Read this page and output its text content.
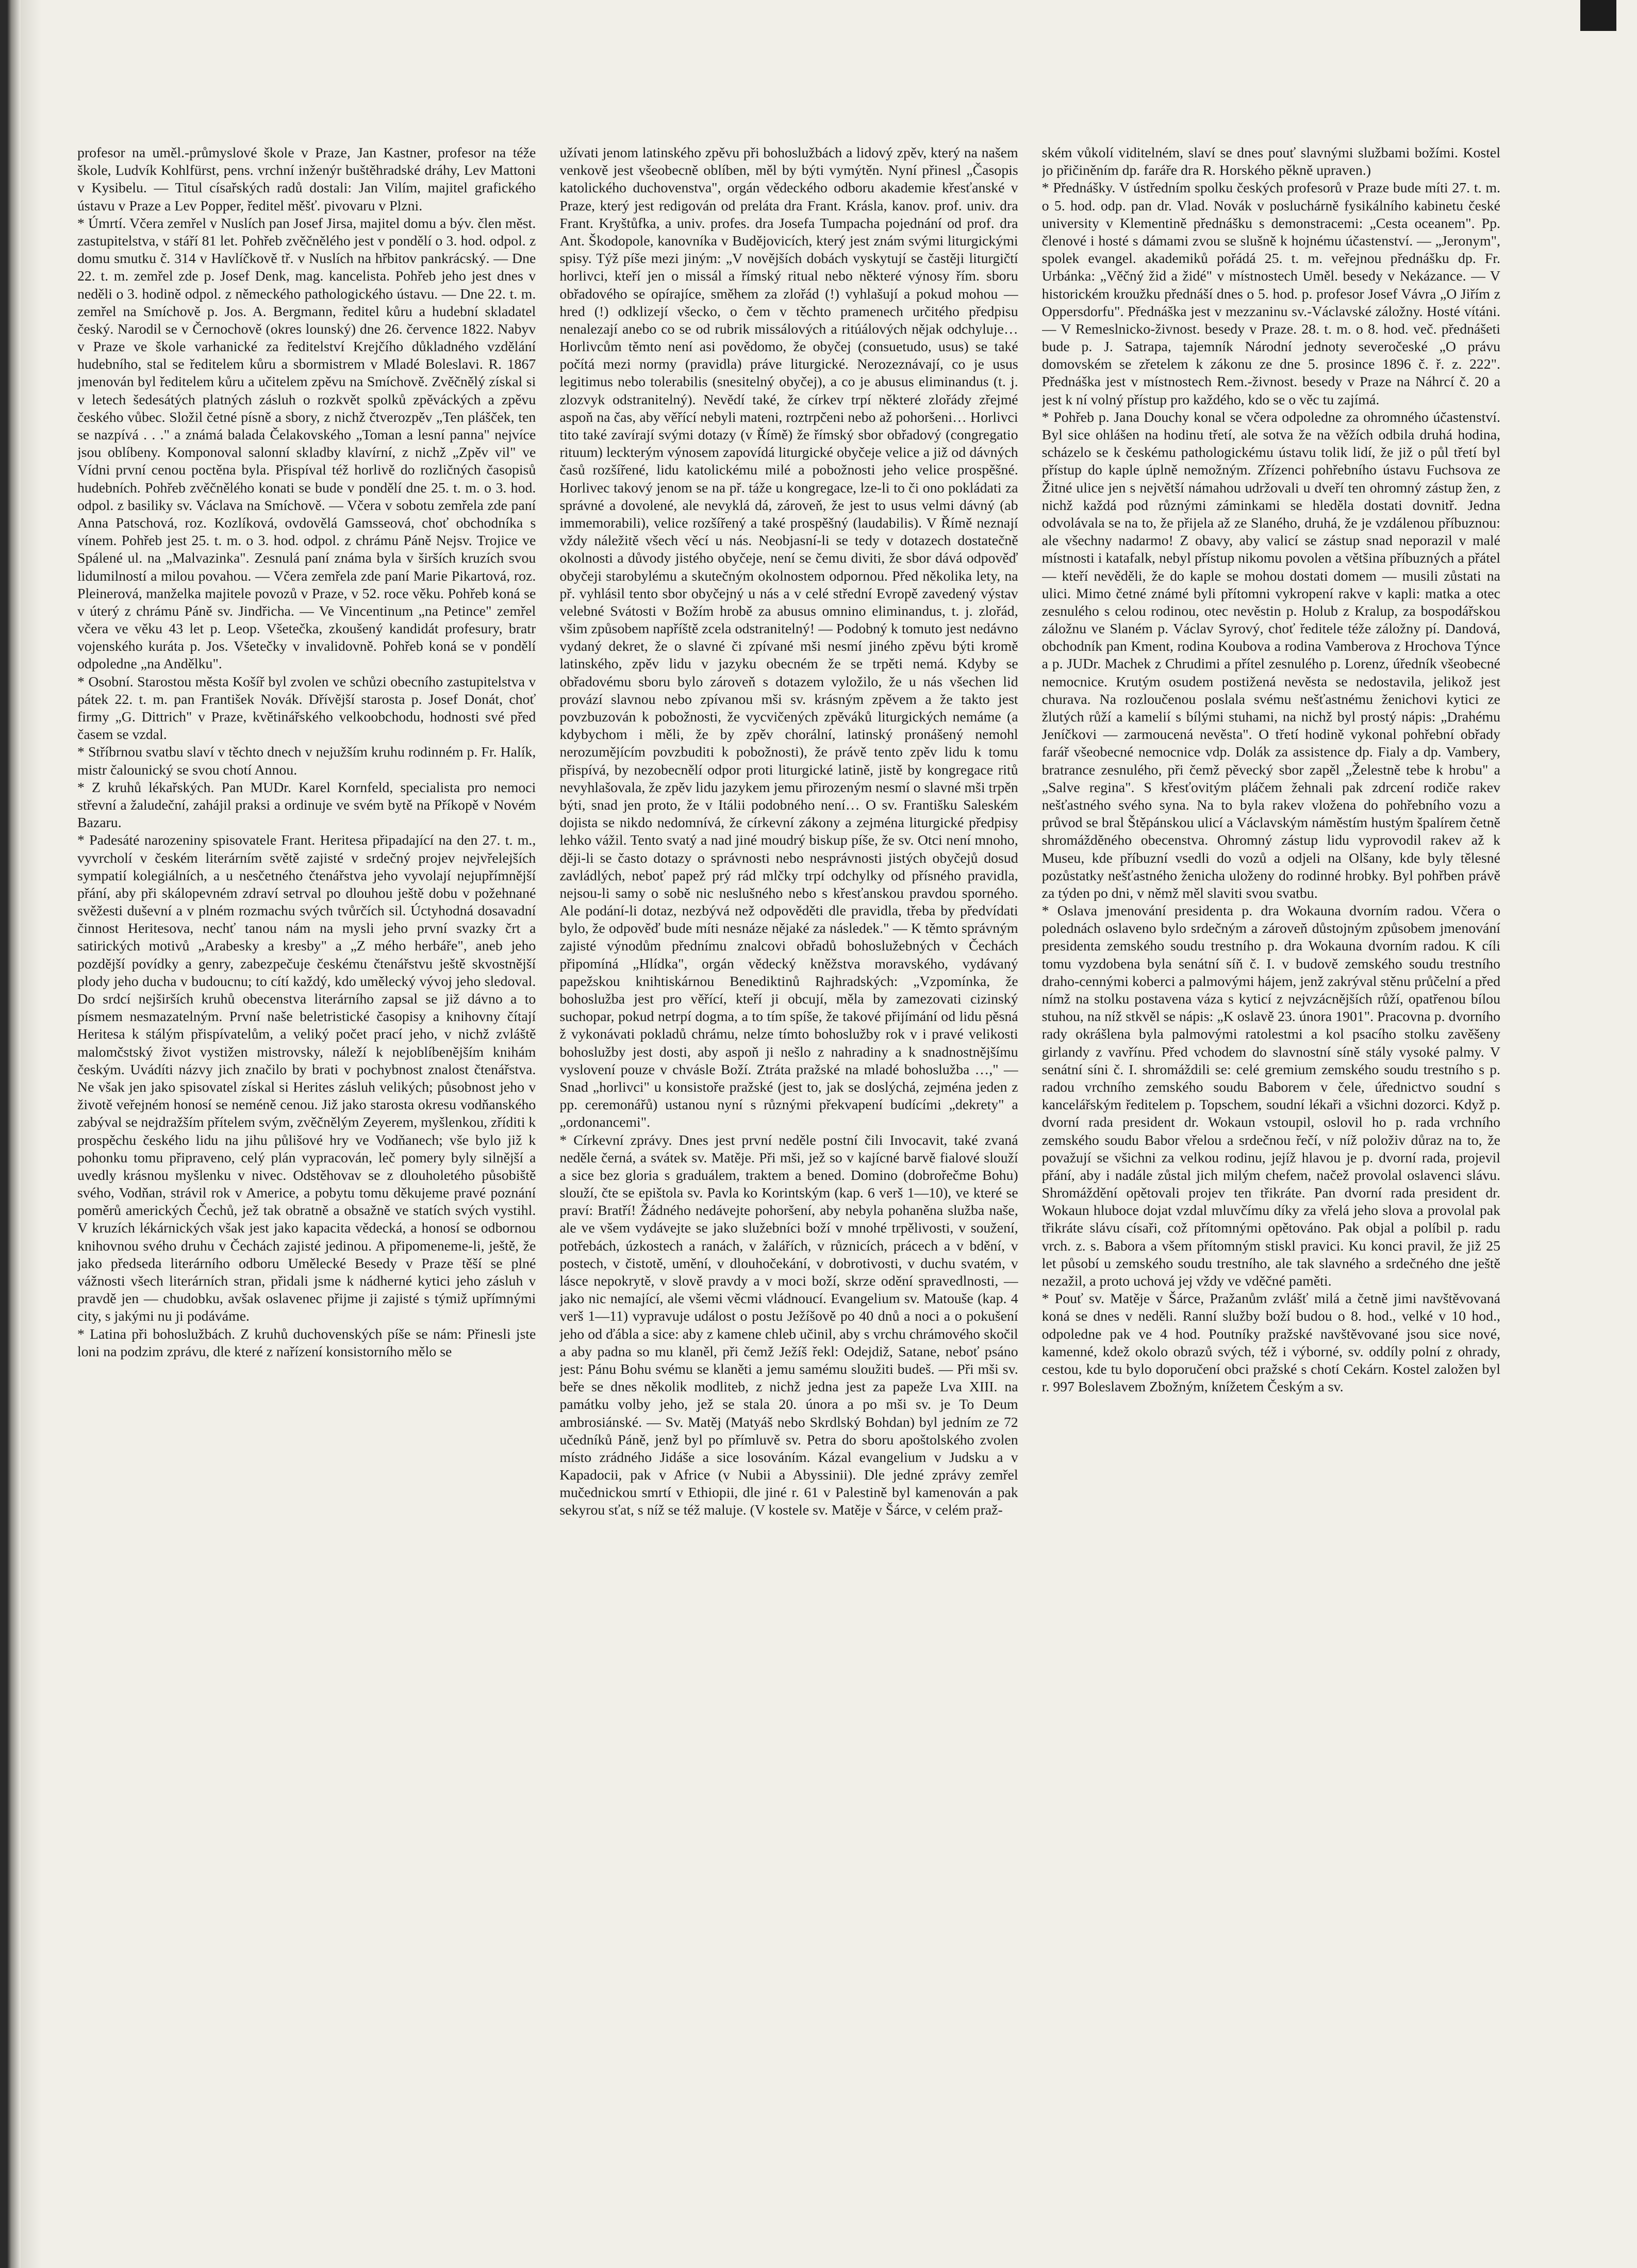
profesor na uměl.-průmyslové škole v Praze, Jan Kastner, profesor na téže škole, Ludvík Kohlfürst, pens. vrchní inženýr buštěhradské dráhy, Lev Mattoni v Kysibelu. — Titul císařských radů dostali: Jan Vilím, majitel grafického ústavu v Praze a Lev Popper, ředitel měšť. pivovaru v Plzni.

* Úmrtí. Včera zemřel v Nuslích pan Josef Jirsa, majitel domu a býv. člen měst. zastupitelstva, v stáří 81 let. Pohřeb zvěčnělého jest v pondělí o 3. hod. odpol. z domu smutku č. 314 v Havlíčkově tř. v Nuslích na hřbitov pankrácský. — Dne 22. t. m. zemřel zde p. Josef Denk, mag. kancelista. Pohřeb jeho jest dnes v neděli o 3. hodině odpol. z německého pathologického ústavu. — Dne 22. t. m. zemřel na Smíchově p. Jos. A. Bergmann, ředitel kůru a hudební skladatel český. Narodil se v Černochově (okres lounský) dne 26. července 1822. Nabyv v Praze ve škole varhanické za ředitelství Krejčího důkladného vzdělání hudebního, stal se ředitelem kůru a sbormistrem v Mladé Boleslavi. R. 1867 jmenován byl ředitelem kůru a učitelem zpěvu na Smíchově. Zvěčnělý získal si v letech šedesátých platných zásluh o rozkvět spolků zpěváckých a zpěvu českého vůbec. Složil četné písně a sbory, z nichž čtverozpěv „Ten plášček, ten se nazpívá . . ." a známá balada Čelakovského „Toman a lesní panna" nejvíce jsou oblíbeny. Komponoval salonní skladby klavírní, z nichž „Zpěv vil" ve Vídni první cenou poctěna byla. Přispíval též horlivě do rozličných časopisů hudebních. Pohřeb zvěčnělého konati se bude v pondělí dne 25. t. m. o 3. hod. odpol. z basiliky sv. Václava na Smíchově. — Včera v sobotu zemřela zde paní Anna Patschová, roz. Kozlíková, ovdovělá Gamsseová, choť obchodníka s vínem. Pohřeb jest 25. t. m. o 3. hod. odpol. z chrámu Páně Nejsv. Trojice ve Spálené ul. na „Malvazinka". Zesnulá paní známa byla v širších kruzích svou lidumilností a milou povahou. — Včera zemřela zde paní Marie Pikartová, roz. Pleinerová, manželka majitele povozů v Praze, v 52. roce věku. Pohřeb koná se v úterý z chrámu Páně sv. Jindřicha. — Ve Vincentinum „na Petince" zemřel včera ve věku 43 let p. Leop. Všetečka, zkoušený kandidát profesury, bratr vojenského kuráta p. Jos. Všetečky v invalidovně. Pohřeb koná se v pondělí odpoledne „na Andělku".

* Osobní. Starostou města Košíř byl zvolen ve schůzi obecního zastupitelstva v pátek 22. t. m. pan František Novák. Dřívější starosta p. Josef Donát, choť firmy „G. Dittrich" v Praze, květinářského velkoobchodu, hodnosti své před časem se vzdal.

* Stříbrnou svatbu slaví v těchto dnech v nejužším kruhu rodinném p. Fr. Halík, mistr čalounický se svou chotí Annou.

* Z kruhů lékařských. Pan MUDr. Karel Kornfeld, specialista pro nemoci střevní a žaludeční, zahájil praksi a ordinuje ve svém bytě na Příkopě v Novém Bazaru.

* Padesáté narozeniny spisovatele Frant. Heritesa připadající na den 27. t. m., vyvrcholí v českém literárním světě zajisté v srdečný projev nejvřelejších sympatií kolegiálních, a u nesčetného čtenářstva jeho vyvolají nejupřímnější přání, aby při skálopevném zdraví setrval po dlouhou ještě dobu v požehnané svěžesti duševní a v plném rozmachu svých tvůrčích sil. Úctyhodná dosavadní činnost Heritesova, nechť tanou nám na mysli jeho první svazky črt a satirických motivů „Arabesky a kresby" a „Z mého herbáře", aneb jeho pozdější povídky a genry, zabezpečuje českému čtenářstvu ještě skvostnější plody jeho ducha v budoucnu; to cítí každý, kdo umělecký vývoj jeho sledoval. Do srdcí nejširších kruhů obecenstva literárního zapsal se již dávno a to písmem nesmazatelným. První naše beletristické časopisy a knihovny čítají Heritesa k stálým přispívatelům, a veliký počet prací jeho, v nichž zvláště malomčstský život vystižen mistrovsky, náleží k nejoblíbenějším knihám českým. Uvádíti názvy jich značilo by brati v pochybnost znalost čtenářstva. Ne však jen jako spisovatel získal si Herites zásluh velikých; působnost jeho v životě veřejném honosí se neméně cenou. Již jako starosta okresu vodňanského zabýval se nejdražším přítelem svým, zvěčnělým Zeyerem, myšlenkou, zříditi k prospěchu českého lidu na jihu půlišové hry ve Vodňanech; vše bylo již k pohonku tomu připraveno, celý plán vypracován, leč pomery byly silnější a uvedly krásnou myšlenku v nivec. Odstěhovav se z dlouholetého působiště svého, Vodňan, strávil rok v Americe, a pobytu tomu děkujeme pravé poznání poměrů amerických Čechů, jež tak obratně a obsažně ve statích svých vystihl. V kruzích lékárnických však jest jako kapacita vědecká, a honosí se odbornou knihovnou svého druhu v Čechách zajisté jedinou. A připomeneme-li, ještě, že jako předseda literárního odboru Umělecké Besedy v Praze těší se plné vážnosti všech literárních stran, přidali jsme k nádherné kytici jeho zásluh v pravdě jen — chudobku, avšak oslavenec přijme ji zajisté s týmiž upřímnými city, s jakými nu ji podáváme.

* Latina při bohoslužbách. Z kruhů duchovenských píše se nám: Přinesli jste loni na podzim zprávu, dle které z nařízení konsistorního mělo se

užívati jenom latinského zpěvu při bohoslužbách a lidový zpěv, který na našem venkově jest všeobecně oblíben, měl by býti vymýtěn. Nyní přinesl „Časopis katolického duchovenstva", orgán vědeckého odboru akademie křesťanské v Praze, který jest redigován od preláta dra Frant. Krásla, kanov. prof. univ. dra Frant. Kryštůfka, a univ. profes. dra Josefa Tumpacha pojednání od prof. dra Ant. Škodopole, kanovníka v Budějovicích, který jest znám svými liturgickými spisy. Týž píše mezi jiným: „V novějších dobách vyskytují se častěji liturgičtí horlivci, kteří jen o missál a římský ritual nebo některé výnosy řím. sboru obřadového se opírajíce, směhem za zlořád (!) vyhlašují a pokud mohou — hred (!) odklizejí všecko, o čem v těchto pramenech určitého předpisu nenalezají anebo co se od rubrik missálových a ritúálových nějak odchyluje… Horlivcům těmto není asi povědomo, že obyčej (consuetudo, usus) se také počítá mezi normy (pravidla) práve liturgické. Nerozeznávají, co je usus legitimus nebo tolerabilis (snesitelný obyčej), a co je abusus eliminandus (t. j. zlozvyk odstranitelný). Nevědí také, že církev trpí některé zlořády zřejmé aspoň na čas, aby věřící nebyli mateni, roztrpčeni nebo až pohoršeni… Horlivci tito také zavírají svými dotazy (v Římě) že římský sbor obřadový (congregatio rituum) leckterým výnosem zapovídá liturgické obyčeje velice a již od dávných časů rozšířené, lidu katolickému milé a pobožnosti jeho velice prospěšné. Horlivec takový jenom se na př. táže u kongregace, lze-li to či ono pokládati za správné a dovolené, ale nevyklá dá, zároveň, že jest to usus velmi dávný (ab immemorabili), velice rozšířený a také prospěšný (laudabilis). V Římě neznají vždy náležitě všech věcí u nás. Neobjasní-li se tedy v dotazech dostatečně okolnosti a důvody jistého obyčeje, není se čemu diviti, že sbor dává odpověď obyčeji starobylému a skutečným okolnostem odpornou. Před několika lety, na př. vyhlásil tento sbor obyčejný u nás a v celé střední Evropě zavedený výstav velebné Svátosti v Božím hrobě za abusus omnino eliminandus, t. j. zlořád, všim způsobem napříště zcela odstranitelný! — Podobný k tomuto jest nedávno vydaný dekret, že o slavné či zpívané mši nesmí jiného zpěvu býti kromě latinského, zpěv lidu v jazyku obecném že se trpěti nemá. Kdyby se obřadovému sboru bylo zároveň s dotazem vyložilo, že u nás všechen lid provází slavnou nebo zpívanou mši sv. krásným zpěvem a že takto jest povzbuzován k pobožnosti, že vycvičených zpěváků liturgických nemáme (a kdybychom i měli, že by zpěv chorální, latinský pronášený nemohl nerozumějícím povzbuditi k pobožnosti), že právě tento zpěv lidu k tomu přispívá, by nezobecnělí odpor proti liturgické latině, jistě by kongregace ritů nevyhlašovala, že zpěv lidu jazykem jemu přirozeným nesmí o slavné mši trpěn býti, snad jen proto, že v Itálii podobného není… O sv. Františku Saleském dojista se nikdo nedomnívá, že církevní zákony a zejména liturgické předpisy lehko vážil. Tento svatý a nad jiné moudrý biskup píše, že sv. Otci není mnoho, ději-li se často dotazy o správnosti nebo nesprávnosti jistých obyčejů dosud zavládlých, neboť papež prý rád mlčky trpí odchylky od přísného pravidla, nejsou-li samy o sobě nic neslušného nebo s křesťanskou pravdou sporného. Ale podání-li dotaz, nezbývá než odpověděti dle pravidla, třeba by předvídati bylo, že odpověď bude míti nesnáze nějaké za následek." — K těmto správným zajisté výnodům přednímu znalcovi obřadů bohoslužebných v Čechách připomíná „Hlídka", orgán vědecký kněžstva moravského, vydávaný papežskou knihtiskárnou Benediktinů Rajhradských: „Vzpomínka, že bohoslužba jest pro věřící, kteří ji obcují, měla by zamezovati cizinský suchopar, pokud netrpí dogma, a to tím spíše, že takové přijímání od lidu pěsná ž vykonávati pokladů chrámu, nelze tímto bohoslužby rok v i pravé velikosti bohoslužby jest dosti, aby aspoň ji nešlo z nahradiny a k snadnostnějšímu vyslovení pouze v chvásle Boží. Ztráta pražské na mladé bohoslužba …," — Snad „horlivci" u konsistoře pražské (jest to, jak se doslýchá, zejména jeden z pp. ceremonářů) ustanou nyní s různými překvapení budícími „dekrety" a „ordonancemi".

* Církevní zprávy. Dnes jest první neděle postní čili Invocavit, také zvaná neděle černá, a svátek sv. Matěje. Při mši, jež so v kajícné barvě fialové slouží a sice bez gloria s graduálem, traktem a bened. Domino (dobrořečme Bohu) slouží, čte se epištola sv. Pavla ko Korintským (kap. 6 verš 1—10), ve které se praví: Bratří! Žádného nedávejte pohoršení, aby nebyla pohaněna služba naše, ale ve všem vydávejte se jako služebníci boží v mnohé trpělivosti, v soužení, potřebách, úzkostech a ranách, v žalářích, v různicích, prácech a v bdění, v postech, v čistotě, umění, v dlouhočekání, v dobrotivosti, v duchu svatém, v lásce nepokrytě, v slově pravdy a v moci boží, skrze odění spravedlnosti, — jako nic nemající, ale všemi věcmi vládnoucí. Evangelium sv. Matouše (kap. 4 verš 1—11) vypravuje událost o postu Ježíšově po 40 dnů a noci a o pokušení jeho od ďábla a sice: aby z kamene chleb učinil, aby s vrchu chrámového skočil a aby padna so mu klaněl, při čemž Ježíš řekl: Odejdiž, Satane, neboť psáno jest: Pánu Bohu svému se klaněti a jemu samému sloužiti budeš. — Při mši sv. beře se dnes několik modliteb, z nichž jedna jest za papeže Lva XIII. na památku volby jeho, jež se stala 20. února a po mši sv. je To Deum ambrosiánské. — Sv. Matěj (Matyáš nebo Skrdlský Bohdan) byl jedním ze 72 učedníků Páně, jenž byl po přímluvě sv. Petra do sboru apoštolského zvolen místo zrádného Jidáše a sice losováním. Kázal evangelium v Judsku a v Kapadocii, pak v Africe (v Nubii a Abyssinii). Dle jedné zprávy zemřel mučednickou smrtí v Ethiopii, dle jiné r. 61 v Palestině byl kamenován a pak sekyrou sťat, s níž se též maluje. (V kostele sv. Matěje v Šárce, v celém praž-

ském vůkolí viditelném, slaví se dnes pouť slavnými službami božími. Kostel jo přičiněním dp. faráře dra R. Horského pěkně upraven.)

* Přednášky. V ústředním spolku českých profesorů v Praze bude míti 27. t. m. o 5. hod. odp. pan dr. Vlad. Novák v posluchárně fysikálního kabinetu české university v Klementině přednášku s demonstracemi: „Cesta oceanem". Pp. členové i hosté s dámami zvou se slušně k hojnému účastenství. — „Jeronym", spolek evangel. akademiků pořádá 25. t. m. veřejnou přednášku dp. Fr. Urbánka: „Věčný žid a židé" v místnostech Uměl. besedy v Nekázance. — V historickém kroužku přednáší dnes o 5. hod. p. profesor Josef Vávra „O Jiřím z Oppersdorfu". Přednáška jest v mezzaninu sv.-Václavské záložny. Hosté vítáni. — V Remeslnicko-živnost. besedy v Praze. 28. t. m. o 8. hod. več. přednášeti bude p. J. Satrapa, tajemník Národní jednoty severočeské „O právu domovském se zřetelem k zákonu ze dne 5. prosince 1896 č. ř. z. 222". Přednáška jest v místnostech Rem.-živnost. besedy v Praze na Náhrcí č. 20 a jest k ní volný přístup pro každého, kdo se o věc tu zajímá.

* Pohřeb p. Jana Douchy konal se včera odpoledne za ohromného účastenství. Byl sice ohlášen na hodinu třetí, ale sotva že na věžích odbila druhá hodina, scházelo se k českému pathologickému ústavu tolik lidí, že již o půl třetí byl přístup do kaple úplně nemožným. Zřízenci pohřebního ústavu Fuchsova ze Žitné ulice jen s největší námahou udržovali u dveří ten ohromný zástup žen, z nichž každá pod různými záminkami se hleděla dostati dovnitř. Jedna odvolávala se na to, že přijela až ze Slaného, druhá, že je vzdálenou příbuznou: ale všechny nadarmo! Z obavy, aby valicí se zástup snad neporazil v malé místnosti i katafalk, nebyl přístup nikomu povolen a většina příbuzných a přátel — kteří nevěděli, že do kaple se mohou dostati domem — musili zůstati na ulici. Mimo četné známé byli přítomni vykropení rakve v kapli: matka a otec zesnulého s celou rodinou, otec nevěstin p. Holub z Kralup, za bospodářskou záložnu ve Slaném p. Václav Syrový, choť ředitele téže záložny pí. Dandová, obchodník pan Kment, rodina Koubova a rodina Vamberova z Hrochova Týnce a p. JUDr. Machek z Chrudimi a přítel zesnulého p. Lorenz, úředník všeobecné nemocnice. Krutým osudem postižená nevěsta se nedostavila, jelikož jest churava. Na rozloučenou poslala svému nešťastnému ženichovi kytici ze žlutých růží a kamelií s bílými stuhami, na nichž byl prostý nápis: „Drahému Jeníčkovi — zarmoucená nevěsta". O třetí hodině vykonal pohřební obřady farář všeobecné nemocnice vdp. Dolák za assistence dp. Fialy a dp. Vambery, bratrance zesnulého, při čemž pěvecký sbor zapěl „Želestně tebe k hrobu" a „Salve regina". S křesťovitým pláčem žehnali pak zdrcení rodiče rakev nešťastného svého syna. Na to byla rakev vložena do pohřebního vozu a průvod se bral Štěpánskou ulicí a Václavským náměstím hustým špalírem četně shromážděného obecenstva. Ohromný zástup lidu vyprovodil rakev až k Museu, kde příbuzní vsedli do vozů a odjeli na Olšany, kde byly tělesné pozůstatky nešťastného ženicha uloženy do rodinné hrobky. Byl pohřben právě za týden po dni, v němž měl slaviti svou svatbu.

* Oslava jmenování presidenta p. dra Wokauna dvorním radou. Včera o polednách oslaveno bylo srdečným a zároveň důstojným způsobem jmenování presidenta zemského soudu trestního p. dra Wokauna dvorním radou. K cíli tomu vyzdobena byla senátní síň č. I. v budově zemského soudu trestního draho-cennými koberci a palmovými hájem, jenž zakrýval stěnu průčelní a před nímž na stolku postavena váza s kyticí z nejvzácnějších růží, opatřenou bílou stuhou, na níž stkvěl se nápis: „K oslavě 23. února 1901". Pracovna p. dvorního rady okrášlena byla palmovými ratolestmi a kol psacího stolku zavěšeny girlandy z vavřínu. Před vchodem do slavnostní síně stály vysoké palmy. V senátní síni č. I. shromáždili se: celé gremium zemského soudu trestního s p. radou vrchního zemského soudu Baborem v čele, úřednictvo soudní s kancelářským ředitelem p. Topschem, soudní lékaři a všichni dozorci. Když p. dvorní rada president dr. Wokaun vstoupil, oslovil ho p. rada vrchního zemského soudu Babor vřelou a srdečnou řečí, v níž položiv důraz na to, že považují se všichni za velkou rodinu, jejíž hlavou je p. dvorní rada, projevil přání, aby i nadále zůstal jich milým chefem, načež provolal oslavenci slávu. Shromáždění opětovali projev ten třikráte. Pan dvorní rada president dr. Wokaun hluboce dojat vzdal mluvčímu díky za vřelá jeho slova a provolal pak třikráte slávu císaři, což přítomnými opětováno. Pak objal a políbil p. radu vrch. z. s. Babora a všem přítomným stiskl pravici. Ku konci pravil, že již 25 let působí u zemského soudu trestního, ale tak slavného a srdečného dne ještě nezažil, a proto uchová jej vždy ve vděčné paměti.

* Pouť sv. Matěje v Šárce, Pražanům zvlášť milá a četně jimi navštěvovaná koná se dnes v neděli. Ranní služby boží budou o 8. hod., velké v 10 hod., odpoledne pak ve 4 hod. Poutníky pražské navštěvované jsou sice nové, kamenné, kdež okolo obrazů svých, též i výborné, sv. oddíly polní z ohrady, cestou, kde tu bylo doporučení obci pražské s chotí Cekárn. Kostel založen byl r. 997 Boleslavem Zbožným, knížetem Českým a sv.
